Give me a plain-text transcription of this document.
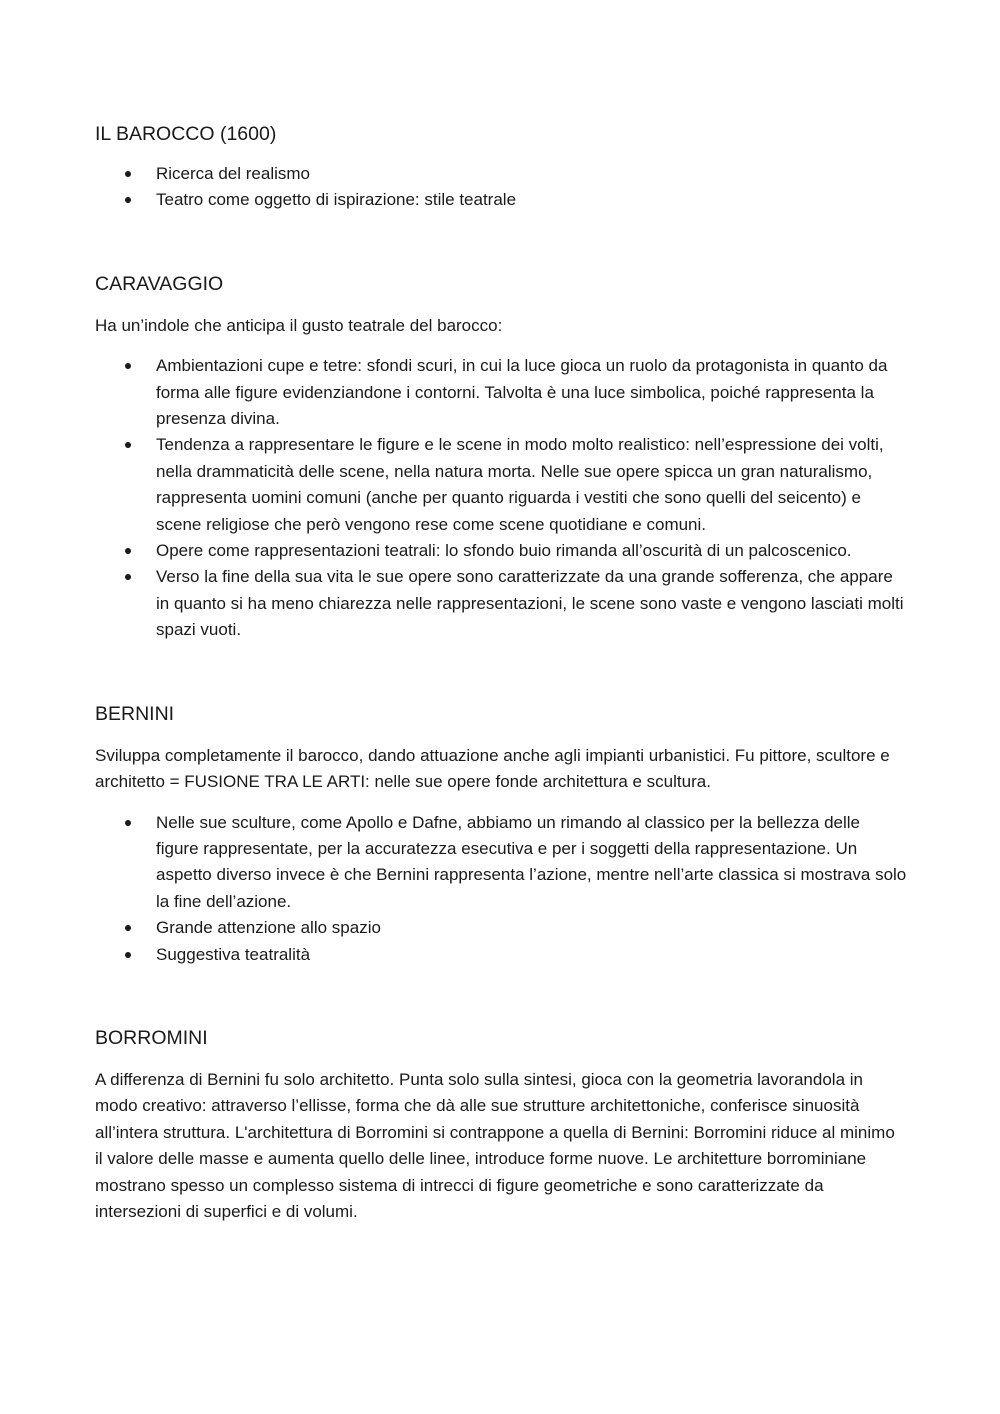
IL BAROCCO (1600)
Ricerca del realismo
Teatro come oggetto di ispirazione: stile teatrale
CARAVAGGIO

Ha un’indole che anticipa il gusto teatrale del barocco:

Ambientazioni cupe e tetre: sfondi scuri, in cui la luce gioca un ruolo da protagonista in quanto da forma alle figure evidenziandone i contorni. Talvolta è una luce simbolica, poiché rappresenta la presenza divina.
Tendenza a rappresentare le figure e le scene in modo molto realistico: nell’espressione dei volti, nella drammaticità delle scene, nella natura morta. Nelle sue opere spicca un gran naturalismo, rappresenta uomini comuni (anche per quanto riguarda i vestiti che sono quelli del seicento) e scene religiose che però vengono rese come scene quotidiane e comuni.
Opere come rappresentazioni teatrali: lo sfondo buio rimanda all’oscurità di un palcoscenico.
Verso la fine della sua vita le sue opere sono caratterizzate da una grande sofferenza, che appare in quanto si ha meno chiarezza nelle rappresentazioni, le scene sono vaste e vengono lasciati molti spazi vuoti.
BERNINI

Sviluppa completamente il barocco, dando attuazione anche agli impianti urbanistici. Fu pittore, scultore e architetto = FUSIONE TRA LE ARTI: nelle sue opere fonde architettura e scultura.

Nelle sue sculture, come Apollo e Dafne, abbiamo un rimando al classico per la bellezza delle figure rappresentate, per la accuratezza esecutiva e per i soggetti della rappresentazione. Un aspetto diverso invece è che Bernini rappresenta l’azione, mentre nell’arte classica si mostrava solo la fine dell’azione.
Grande attenzione allo spazio
Suggestiva teatralità
BORROMINI

A differenza di Bernini fu solo architetto. Punta solo sulla sintesi, gioca con la geometria lavorandola in modo creativo: attraverso l’ellisse, forma che dà alle sue strutture architettoniche, conferisce sinuosità all’intera struttura. L'architettura di Borromini si contrappone a quella di Bernini: Borromini riduce al minimo il valore delle masse e aumenta quello delle linee, introduce forme nuove. Le architetture borrominiane mostrano spesso un complesso sistema di intrecci di figure geometriche e sono caratterizzate da intersezioni di superfici e di volumi.
